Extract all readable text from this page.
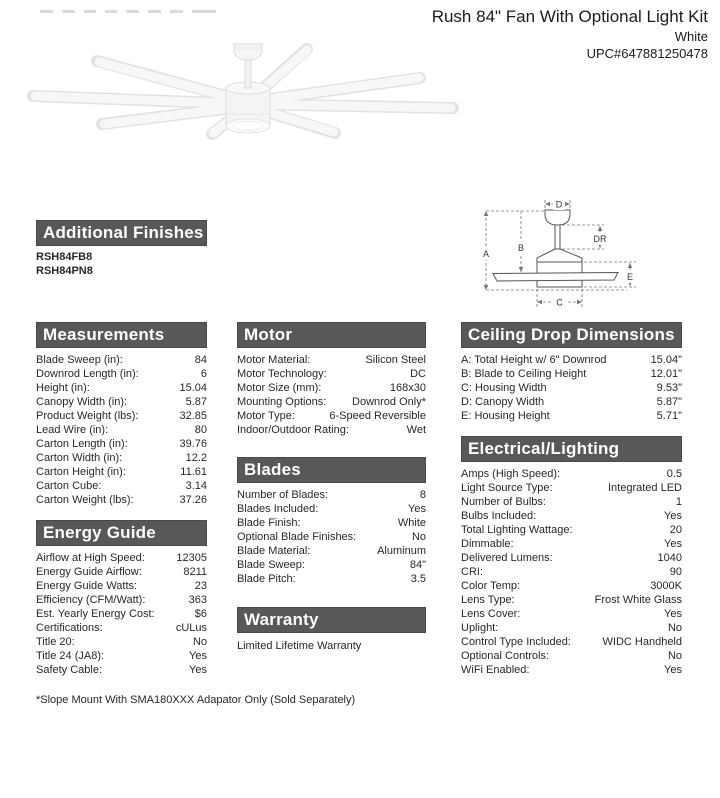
Rush 84" Fan With Optional Light Kit
White
UPC#647881250478
A
B
DR
E
D
C
Additional Finishes
RSH84FB8
RSH84PN8
Measurements
Blade Sweep (in):	84
Downrod Length (in):	6
Height (in):	15.04
Canopy Width (in):	5.87
Product Weight (lbs):	32.85
Lead Wire (in):	80
Carton Length (in):	39.76
Carton Width (in):	12.2
Carton Height (in):	11.61
Carton Cube:	3.14
Carton Weight (lbs):	37.26
Energy Guide
Airflow at High Speed:	12305
Energy Guide Airflow:	8211
Energy Guide Watts:	23
Efficiency (CFM/Watt):	363
Est. Yearly Energy Cost:	$6
Certifications:	cULus
Title 20:	No
Title 24 (JA8):	Yes
Safety Cable:	Yes
Motor
Motor Material:	Silicon Steel
Motor Technology:	DC
Motor Size (mm):	168x30
Mounting Options: Downrod Only*
Motor Type:	6-Speed Reversible
Indoor/Outdoor Rating:	Wet
Blades
Number of Blades:	8
Blades Included:	Yes
Blade Finish:	White
Optional Blade Finishes:	No
Blade Material:	Aluminum
Blade Sweep:	84"
Blade Pitch:	3.5
Warranty
Limited Lifetime Warranty
Ceiling Drop Dimensions
A: Total Height w/ 6" Downrod	15.04"
B: Blade to Ceiling Height	12.01"
C: Housing Width	9.53"
D: Canopy Width	5.87"
E: Housing Height	5.71"
Electrical/Lighting
Amps (High Speed):	0.5
Light Source Type:	Integrated LED
Number of Bulbs:	1
Bulbs Included:	Yes
Total Lighting Wattage:	20
Dimmable:	Yes
Delivered Lumens:	1040
CRI:	90
Color Temp:	3000K
Lens Type:	Frost White Glass
Lens Cover:	Yes
Uplight:	No
Control Type Included:	WIDC Handheld
Optional Controls:	No
WiFi Enabled:	Yes
*Slope Mount With SMA180XXX Adapator Only (Sold Separately)
